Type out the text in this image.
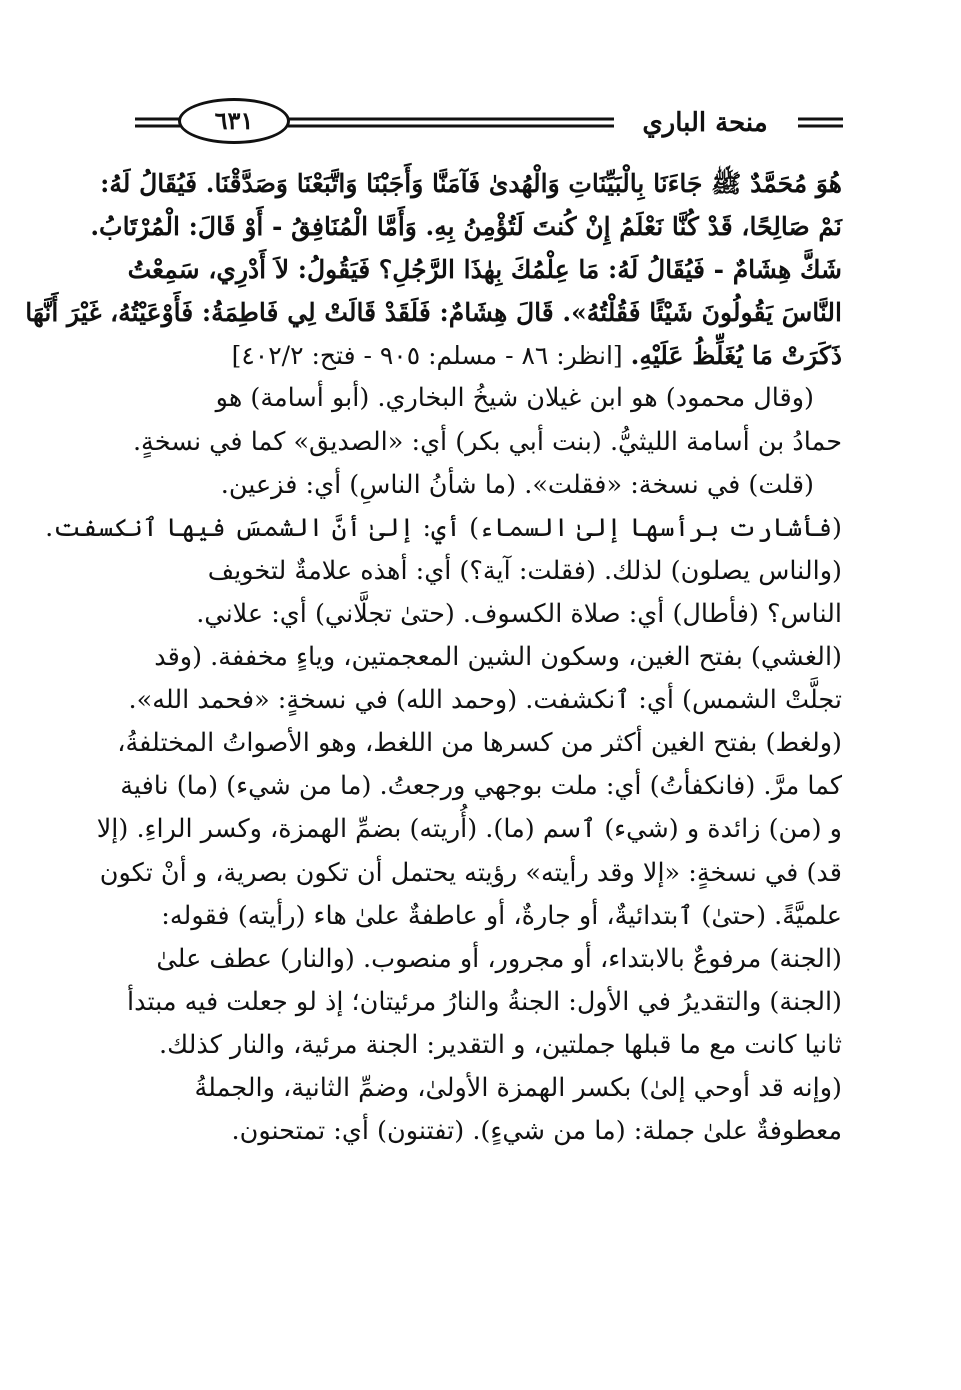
٦٣١	منحة الباري
هُوَ مُحَمَّدٌ ﷺ جَاءَنَا بِالْبَيِّنَاتِ وَالْهُدىٰ فَآمَنَّا وَأَجَبْنَا وَاتَّبَعْنَا وَصَدَّقْنَا. فَيُقَالُ لَهُ:
نَمْ صَالِحًا، قَدْ كُنَّا نَعْلَمُ إِنْ كُنتَ لَتُؤْمِنُ بِهِ. وَأَمَّا الْمُنَافِقُ - أَوْ قَالَ: الْمُرْتَابُ.
شَكَّ هِشَامٌ - فَيُقَالُ لَهُ: مَا عِلْمُكَ بِهٰذَا الرَّجُلِ؟ فَيَقُولُ: لاَ أَدْرِي، سَمِعْتُ
النَّاسَ يَقُولُونَ شَيْئًا فَقُلْتُهُ». قَالَ هِشَامٌ: فَلَقَدْ قَالَتْ لِي فَاطِمَةُ: فَأَوْعَيْتُهُ، غَيْرَ أَنَّهَا
ذَكَرَتْ مَا يُغَلِّظُ عَلَيْهِ. [انظر: ٨٦ - مسلم: ٩٠٥ - فتح: ٤٠٢/٢]
(وقال محمود) هو ابن غيلان شيخُ البخاري. (أبو أسامة) هو
حمادُ بن أسامة الليثيُّ. (بنت أبي بكر) أي: «الصديق» كما في نسخةٍ.
(قلت) في نسخة: «فقلت». (ما شأنُ الناسِ) أي: فزعين.
(فأشارت برأسها إلىٰ السماء) أي: إلىٰ أنَّ الشمسَ فيها ٱنكسفت.
(والناس يصلون) لذلك. (فقلت: آية؟) أي: أهذه علامةٌ لتخويف
الناس؟ (فأطال) أي: صلاة الكسوف. (حتىٰ تجلَّاني) أي: علاني.
(الغشي) بفتح الغين، وسكون الشين المعجمتين، وياءٍ مخففة. (وقد
تجلَّتْ الشمس) أي: ٱنكشفت. (وحمد الله) في نسخةٍ: «فحمد الله».
(ولغط) بفتح الغين أكثر من كسرها من اللغط، وهو الأصواتُ المختلفةُ،
كما مرَّ. (فانكفأتُ) أي: ملت بوجهي ورجعتُ. (ما من شيء) (ما) نافية
و (من) زائدة و (شيء) ٱسم (ما). (أُريته) بضمِّ الهمزة، وكسر الراءِ. (إلا
قد) في نسخةٍ: «إلا وقد رأيته» رؤيته يحتمل أن تكون بصرية، و أنْ تكون
علميَّةً. (حتىٰ) ٱبتدائيةٌ، أو جارةٌ، أو عاطفةٌ علىٰ هاء (رأيته) فقوله:
(الجنة) مرفوعٌ بالابتداء، أو مجرور، أو منصوب. (والنار) عطف علىٰ
(الجنة) والتقديرُ في الأول: الجنةُ والنارُ مرئيتان؛ إذ لو جعلت فيه مبتدأ
ثانيا كانت مع ما قبلها جملتين، و التقدير: الجنة مرئية، والنار كذلك.
(وإنه قد أوحي إلىٰ) بكسر الهمزة الأولىٰ، وضمِّ الثانية، والجملةُ
معطوفةٌ علىٰ جملة: (ما من شيءٍ). (تفتنون) أي: تمتحنون.
